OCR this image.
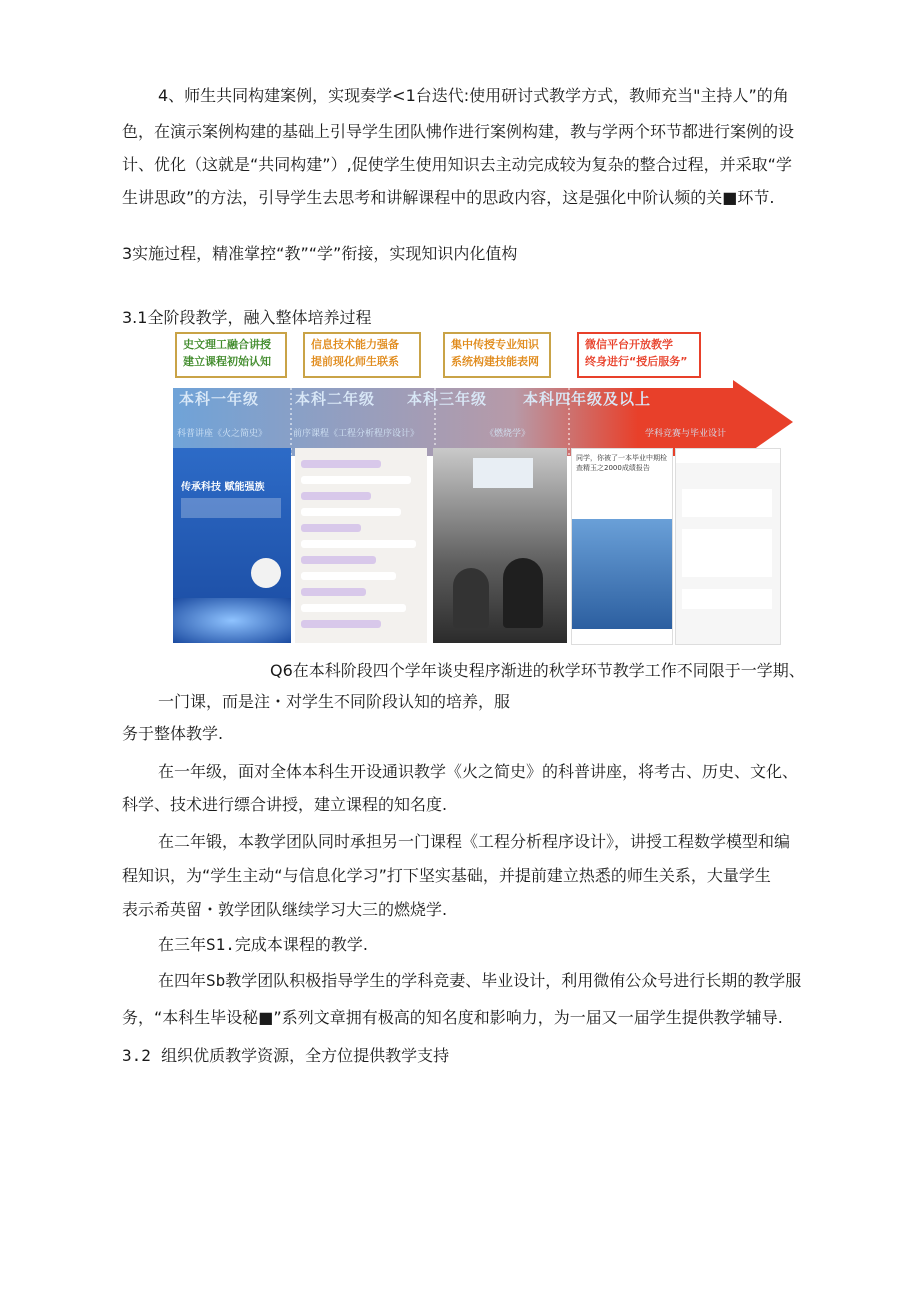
4、师生共同构建案例，实现奏学<1台迭代:使用研讨式教学方式，教师充当"主持人”的角
色，在演示案例构建的基础上引导学生团队怫作进行案例构建，教与学两个环节都进行案例的设
计、优化（这就是“共同构建”）,促使学生使用知识去主动完成较为复杂的整合过程，并采取“学
生讲思政”的方法，引导学生去思考和讲解课程中的思政内容，这是强化中阶认频的关■环节.
3实施过程，精准掌控“教”“学”衔接，实现知识内化值构
3.1全阶段教学，融入整体培养过程
史文理工融合讲授
建立课程初始认知
信息技术能力强备
提前现化师生联系
集中传授专业知识
系统构建技能表网
微信平台开放教学
终身进行“授后服务”
本科一年级 本科二年级 本科三年级 本科四年级及以上
科普讲座《火之简史》	前序课程《工程分析程序设计》	《燃烧学》	学科竞赛与毕业设计
传承科技 赋能强族
同学，你被了一本毕业中期检查精玉之2000成绩报告
Q6在本科阶段四个学年谈史程序渐进的秋学环节教学工作不同限于一学期、
一门课，而是注・对学生不同阶段认知的培养，服
务于整体教学.
在一年级，面对全体本科生开设通识教学《火之简史》的科普讲座，将考古、历史、文化、
科学、技术进行缥合讲授，建立课程的知名度.
在二年锻，本教学团队同时承担另一门课程《工程分析程序设计》，讲授工程数学模型和编
程知识，为“学生主动“与信息化学习”打下坚实基础，并提前建立热悉的师生关系，大量学生
表示希英留・敦学团队继续学习大三的燃烧学.
在三年S1.完成本课程的教学.
在四年Sb教学团队积极指导学生的学科竞妻、毕业设计，利用微侑公众号进行长期的教学服
务，“本科生毕设秘■”系列文章拥有极高的知名度和影响力，为一届又一届学生提供教学辅导.
3.2 组织优质教学资源，全方位提供教学支持
